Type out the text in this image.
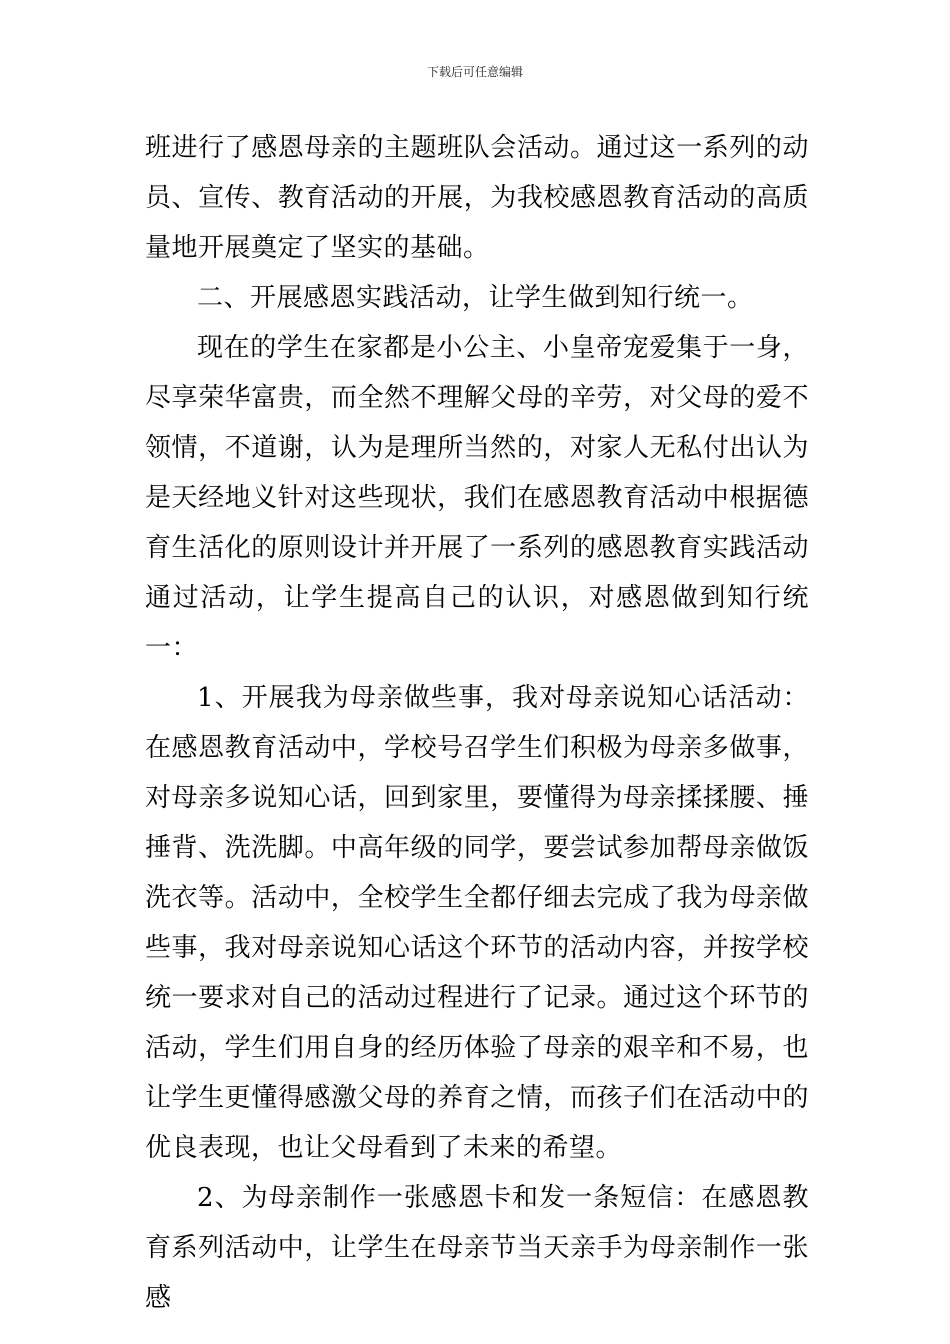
下载后可任意编辑

班进行了感恩母亲的主题班队会活动。通过这一系列的动员、宣传、教育活动的开展，为我校感恩教育活动的高质量地开展奠定了坚实的基础。

二、开展感恩实践活动，让学生做到知行统一。

现在的学生在家都是小公主、小皇帝宠爱集于一身，尽享荣华富贵，而全然不理解父母的辛劳，对父母的爱不领情，不道谢，认为是理所当然的，对家人无私付出认为是天经地义针对这些现状，我们在感恩教育活动中根据德育生活化的原则设计并开展了一系列的感恩教育实践活动通过活动，让学生提高自己的认识，对感恩做到知行统一：

1、开展我为母亲做些事，我对母亲说知心话活动：在感恩教育活动中，学校号召学生们积极为母亲多做事，对母亲多说知心话，回到家里，要懂得为母亲揉揉腰、捶捶背、洗洗脚。中高年级的同学，要尝试参加帮母亲做饭洗衣等。活动中，全校学生全都仔细去完成了我为母亲做些事，我对母亲说知心话这个环节的活动内容，并按学校统一要求对自己的活动过程进行了记录。通过这个环节的活动，学生们用自身的经历体验了母亲的艰辛和不易，也让学生更懂得感激父母的养育之情，而孩子们在活动中的优良表现，也让父母看到了未来的希望。

2、为母亲制作一张感恩卡和发一条短信：在感恩教育系列活动中，让学生在母亲节当天亲手为母亲制作一张感
